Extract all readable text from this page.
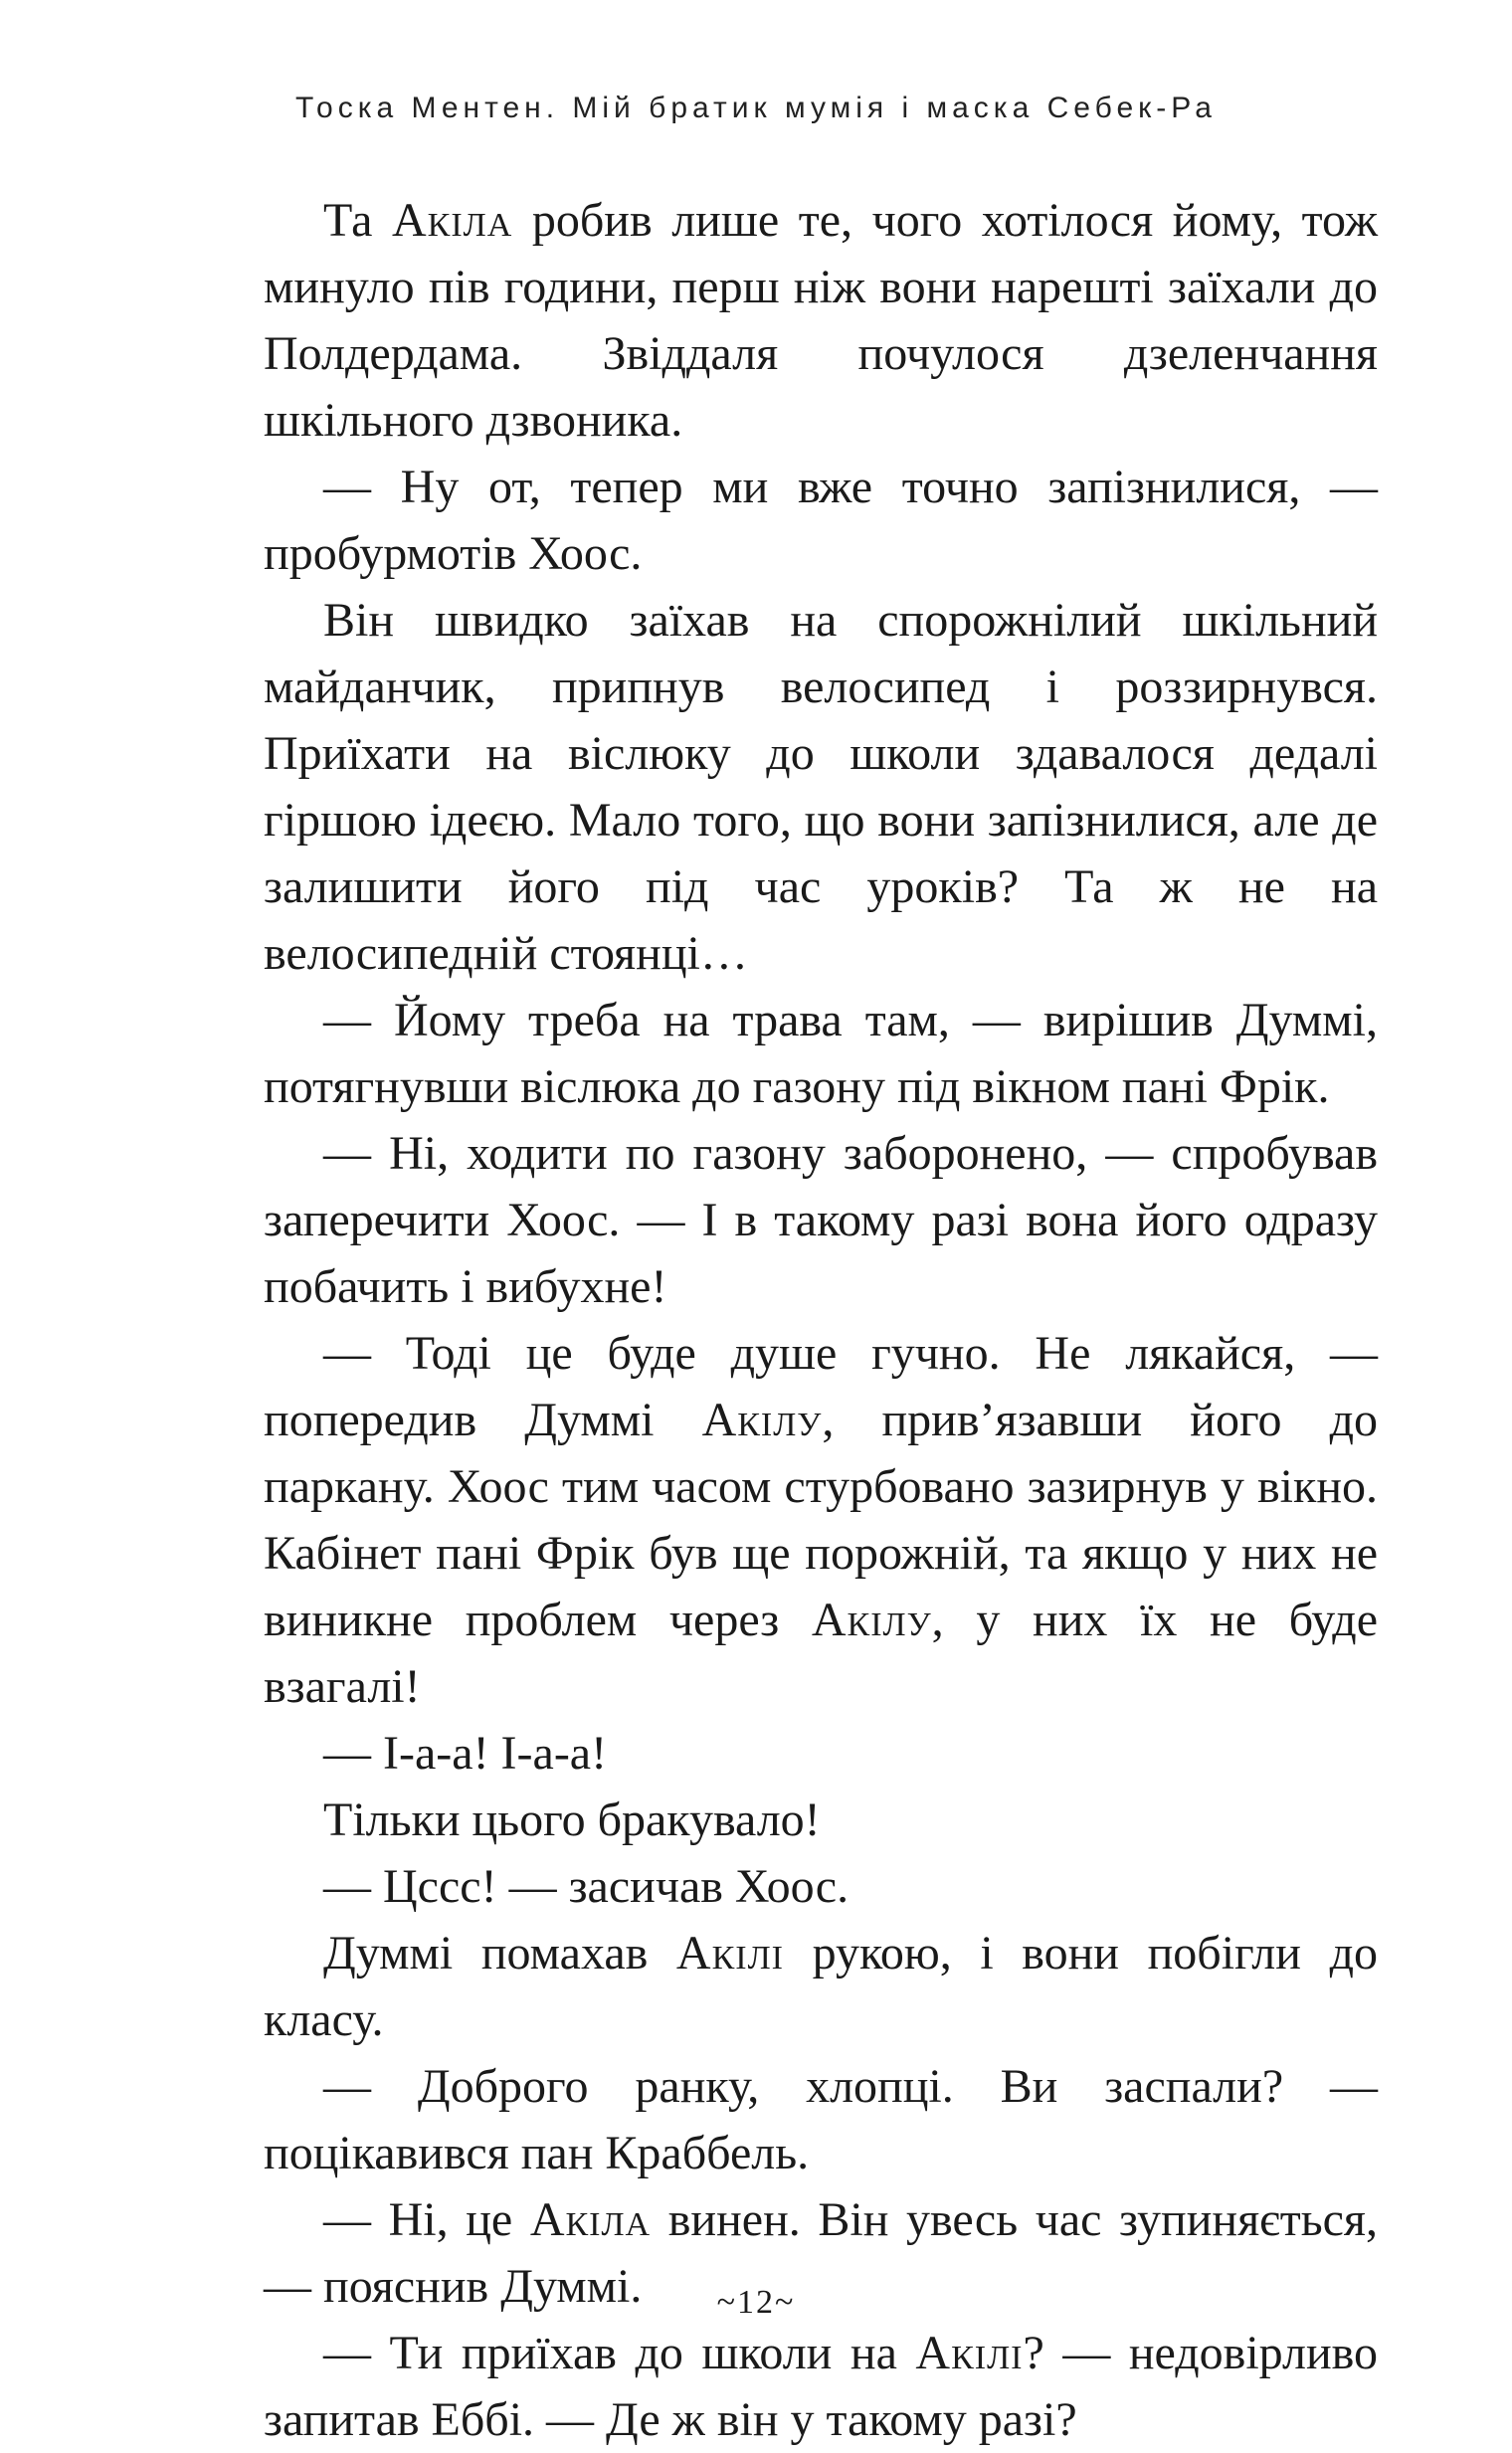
Тоска Ментен. Мій братик мумія і маска Себек-Ра

Та Акіла робив лише те, чого хотілося йому, тож минуло пів години, перш ніж вони нарешті заїхали до Полдердама. Звіддаля почулося дзеленчання шкільного дзвоника.

— Ну от, тепер ми вже точно запізнилися, — пробурмотів Хоос.

Він швидко заїхав на спорожнілий шкільний майданчик, припнув велосипед і роззирнувся. Приїхати на віслюку до школи здавалося дедалі гіршою ідеєю. Мало того, що вони запізнилися, але де залишити його під час уроків? Та ж не на велосипедній стоянці…

— Йому треба на трава там, — вирішив Думмі, потягнувши віслюка до газону під вікном пані Фрік.

— Ні, ходити по газону заборонено, — спробував заперечити Хоос. — І в такому разі вона його одразу побачить і вибухне!

— Тоді це буде душе гучно. Не лякайся, — попередив Думмі Акілу, прив’язавши його до паркану. Хоос тим часом стурбовано зазирнув у вікно. Кабінет пані Фрік був ще порожній, та якщо у них не виникне проблем через Акілу, у них їх не буде взагалі!

— І-а-а! І-а-а!

Тільки цього бракувало!

— Цссс! — засичав Хоос.

Думмі помахав Акілі рукою, і вони побігли до класу.

— Доброго ранку, хлопці. Ви заспали? — поцікавився пан Краббель.

— Ні, це Акіла винен. Він увесь час зупиняється, — пояснив Думмі.

— Ти приїхав до школи на Акілі? — недовірливо запитав Еббі. — Де ж він у такому разі?

~12~
